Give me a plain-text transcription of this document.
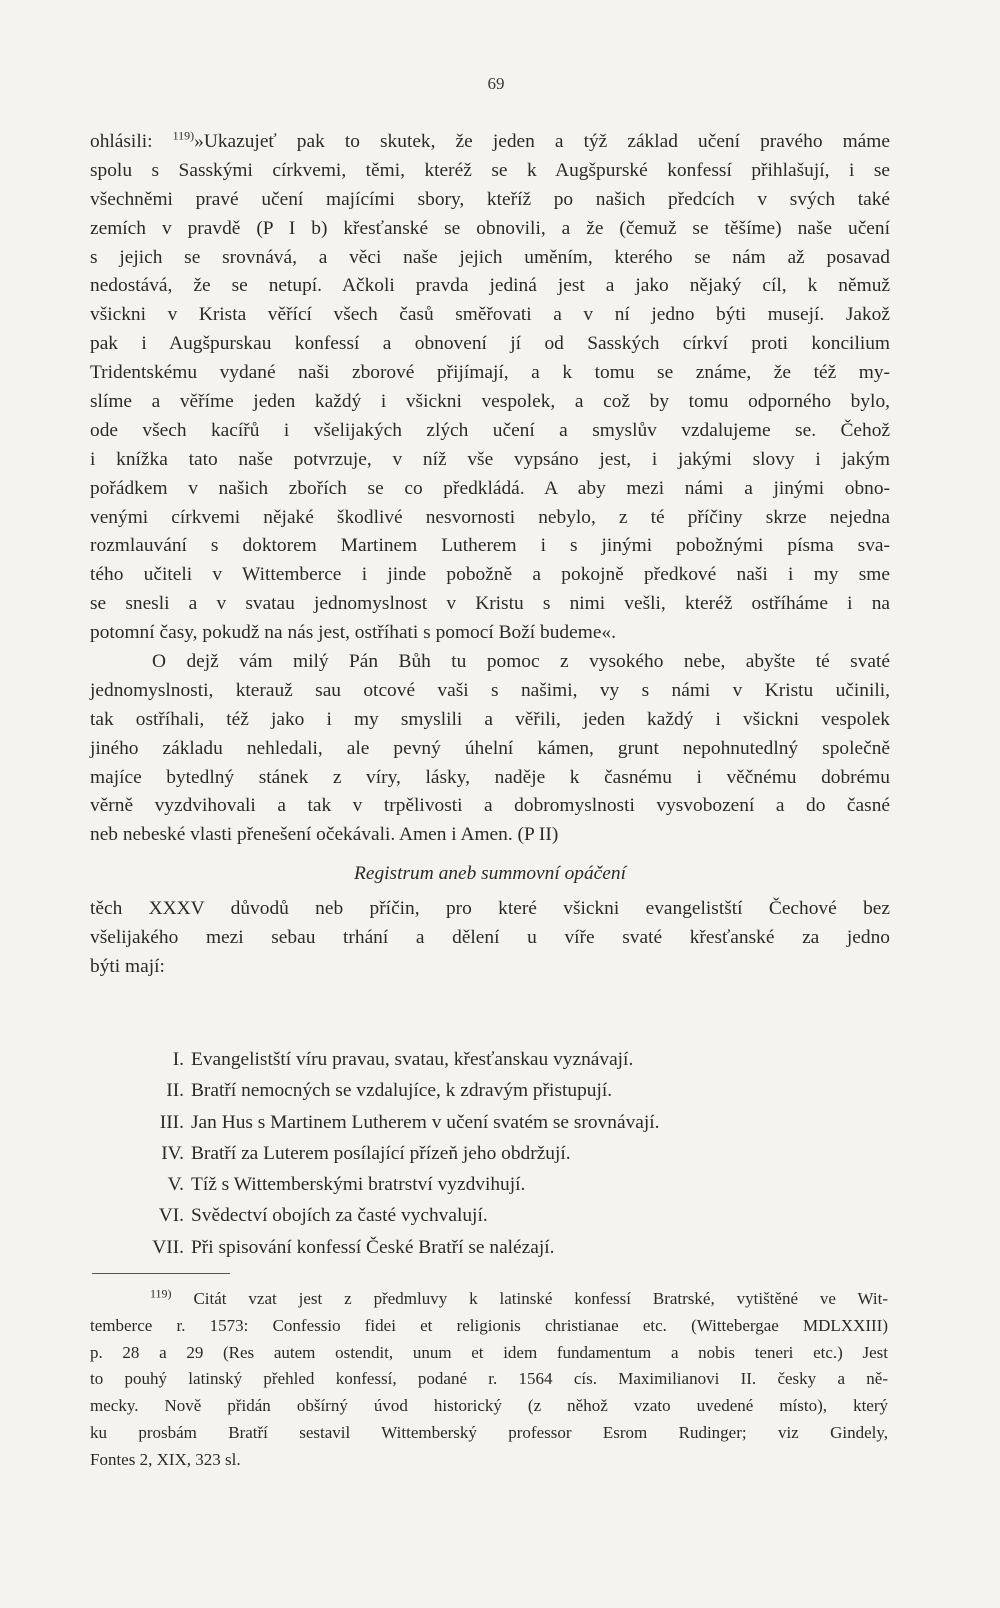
69
ohlásili: $^{119)}$»Ukazujeť pak to skutek, že jeden a týž základ učení pravého máme
spolu s Sasskými církvemi, těmi, kteréž se k Augšpurské konfessí přihlašují, i se
všechněmi pravé učení majícími sbory, kteříž po našich předcích v svých také
zemích v pravdě (P I b) křesťanské se obnovili, a že (čemuž se těšíme) naše učení
s jejich se srovnává, a věci naše jejich uměním, kterého se nám až posavad
nedostává, že se netupí. Ačkoli pravda jediná jest a jako nějaký cíl, k němuž
všickni v Krista věřící všech časů směřovati a v ní jedno býti musejí. Jakož
pak i Augšpurskau konfessí a obnovení jí od Sasských církví proti koncilium
Tridentskému vydané naši zborové přijímají, a k tomu se známe, že též my-
slíme a věříme jeden každý i všickni vespolek, a což by tomu odporného bylo,
ode všech kacířů i všelijakých zlých učení a smyslův vzdalujeme se. Čehož
i knížka tato naše potvrzuje, v níž vše vypsáno jest, i jakými slovy i jakým
pořádkem v našich zbořích se co předkládá. A aby mezi námi a jinými obno-
venými církvemi nějaké škodlivé nesvornosti nebylo, z té příčiny skrze nejedna
rozmlauvání s doktorem Martinem Lutherem i s jinými pobožnými písma sva-
tého učiteli v Wittemberce i jinde pobožně a pokojně předkové naši i my sme
se snesli a v svatau jednomyslnost v Kristu s nimi vešli, kteréž ostříháme i na
potomní časy, pokudž na nás jest, ostříhati s pomocí Boží budeme«.
O dejž vám milý Pán Bůh tu pomoc z vysokého nebe, abyšte té svaté
jednomyslnosti, kterauž sau otcové vaši s našimi, vy s námi v Kristu učinili,
tak ostříhali, též jako i my smyslili a věřili, jeden každý i všickni vespolek
jiného základu nehledali, ale pevný úhelní kámen, grunt nepohnutedlný společně
majíce bytedlný stánek z víry, lásky, naděje k časnému i věčnému dobrému
věrně vyzdvihovali a tak v trpělivosti a dobromyslnosti vysvobození a do časné
neb nebeské vlasti přenešení očekávali. Amen i Amen. (P II)
Registrum aneb summovní opáčení
těch XXXV důvodů neb příčin, pro které všickni evangelistští Čechové bez
všelijakého mezi sebau trhání a dělení u víře svaté křesťanské za jedno
býti mají:
I. Evangelistští víru pravau, svatau, křesťanskau vyznávají.
II. Bratří nemocných se vzdalujíce, k zdravým přistupují.
III. Jan Hus s Martinem Lutherem v učení svatém se srovnávají.
IV. Bratří za Luterem posílající přízeň jeho obdržují.
V. Tíž s Wittemberskými bratrství vyzdvihují.
VI. Svědectví obojích za časté vychvalují.
VII. Při spisování konfessí České Bratří se nalézají.
$^{119)}$ Citát vzat jest z předmluvy k latinské konfessí Bratrské, vytištěné ve Wit-
temberce r. 1573: Confessio fidei et religionis christianae etc. (Wittebergae MDLXXIII)
p. 28 a 29 (Res autem ostendit, unum et idem fundamentum a nobis teneri etc.) Jest
to pouhý latinský přehled konfessí, podané r. 1564 cís. Maximilianovi II. česky a ně-
mecky. Nově přidán obšírný úvod historický (z něhož vzato uvedené místo), který
ku prosbám Bratří sestavil Wittemberský professor Esrom Rudinger; viz Gindely,
Fontes 2, XIX, 323 sl.
